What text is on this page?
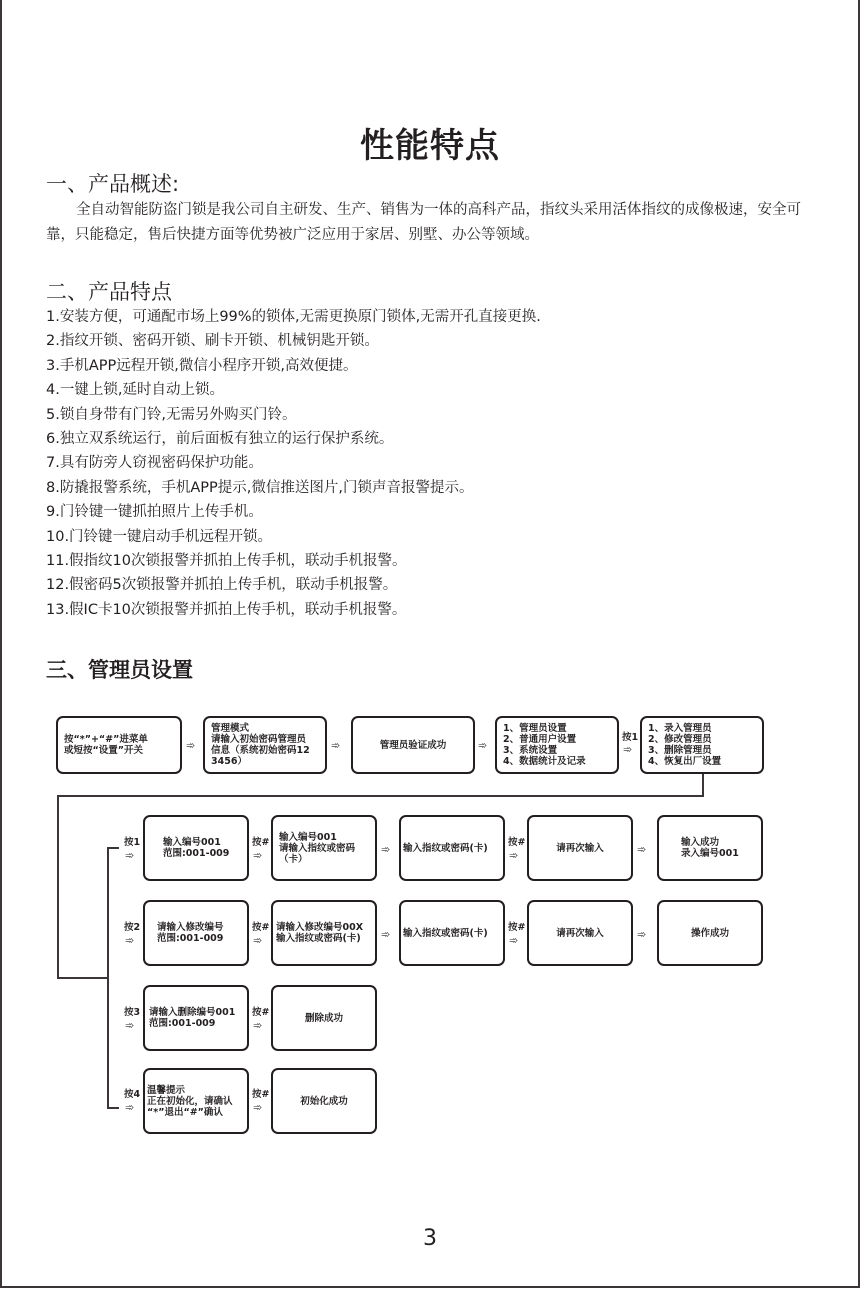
性能特点
一、产品概述:
全自动智能防盗门锁是我公司自主研发、生产、销售为一体的高科产品，指纹头采用活体指纹的成像极速，安全可靠，只能稳定，售后快捷方面等优势被广泛应用于家居、别墅、办公等领域。
二、产品特点
1.安装方便，可通配市场上99%的锁体,无需更换原门锁体,无需开孔直接更换.
2.指纹开锁、密码开锁、刷卡开锁、机械钥匙开锁。
3.手机APP远程开锁,微信小程序开锁,高效便捷。
4.一键上锁,延时自动上锁。
5.锁自身带有门铃,无需另外购买门铃。
6.独立双系统运行，前后面板有独立的运行保护系统。
7.具有防旁人窃视密码保护功能。
8.防撬报警系统，手机APP提示,微信推送图片,门锁声音报警提示。
9.门铃键一键抓拍照片上传手机。
10.门铃键一键启动手机远程开锁。
11.假指纹10次锁报警并抓拍上传手机，联动手机报警。
12.假密码5次锁报警并抓拍上传手机，联动手机报警。
13.假IC卡10次锁报警并抓拍上传手机，联动手机报警。
三、管理员设置
按“*”+“#”进菜单
或短按“设置”开关	➾
管理模式
请输入初始密码管理员
信息（系统初始密码12
3456）
➾	管理员验证成功	➾
1、管理员设置
2、普通用户设置
3、系统设置
4、数据统计及记录
按1
➾
1、录入管理员
2、修改管理员
3、删除管理员
4、恢复出厂设置
按1
➾
输入编号001
范围:001-009
按#
➾
输入编号001
请输入指纹或密码
（卡）
➾ 输入指纹或密码(卡) 按#
➾
请再次输入	➾
输入成功
录入编号001
按2
➾
请输入修改编号
范围:001-009
按#
➾
请输入修改编号00X
输入指纹或密码(卡) ➾ 输入指纹或密码(卡) 按#
➾
请再次输入	➾	操作成功
按3
➾
请输入删除编号001
范围:001-009
按#
➾
删除成功
按4
➾
温馨提示
正在初始化，请确认
“*”退出“#”确认
按#
➾	初始化成功
3
